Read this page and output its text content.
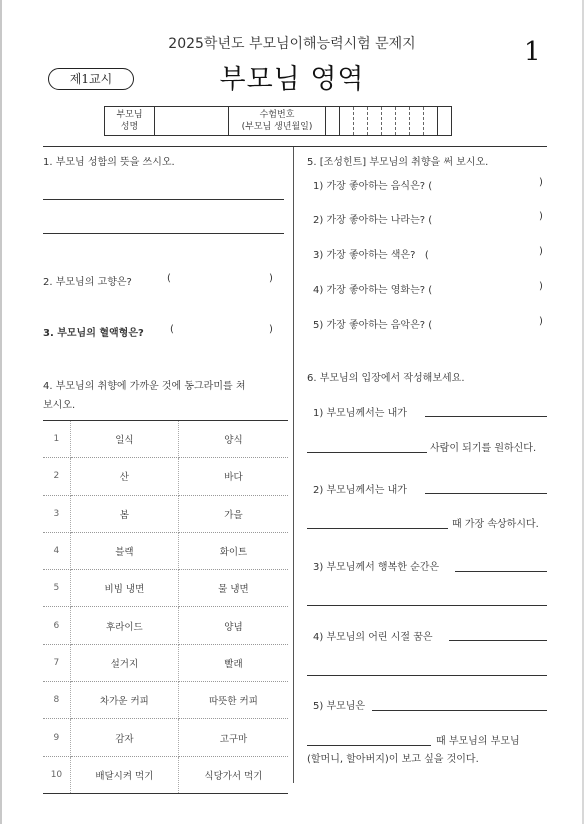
2025학년도 부모님이해능력시험 문제지	1
제1교시	부모님 영역
부모님
성명

수험번호
(부모님 생년월일)

1. 부모님 성함의 뜻을 쓰시오.
2. 부모님의 고향은?	(	)
3. 부모님의 혈액형은?	(	)
4. 부모님의 취향에 가까운 것에 동그라미를 쳐
보시오.
1	일식	양식
2	산	바다
3	봄	가을
4	블랙	화이트
5	비빔 냉면	물 냉면
6	후라이드	양념
7	설거지	빨래
8	차가운 커피	따뜻한 커피
9	감자	고구마
10	배달시켜 먹기	식당가서 먹기
5. [조성힌트] 부모님의 취향을 써 보시오.
1) 가장 좋아하는 음식은? (	)
2) 가장 좋아하는 나라는? (	)
3) 가장 좋아하는 색은?   (	)
4) 가장 좋아하는 영화는? (	)
5) 가장 좋아하는 음악은? (	)
6. 부모님의 입장에서 작성해보세요.
1) 부모님께서는 내가
사람이 되기를 원하신다.
2) 부모님께서는 내가
때 가장 속상하시다.
3) 부모님께서 행복한 순간은
4) 부모님의 어린 시절 꿈은
5) 부모님은
때 부모님의 부모님
(할머니, 할아버지)이 보고 싶을 것이다.
